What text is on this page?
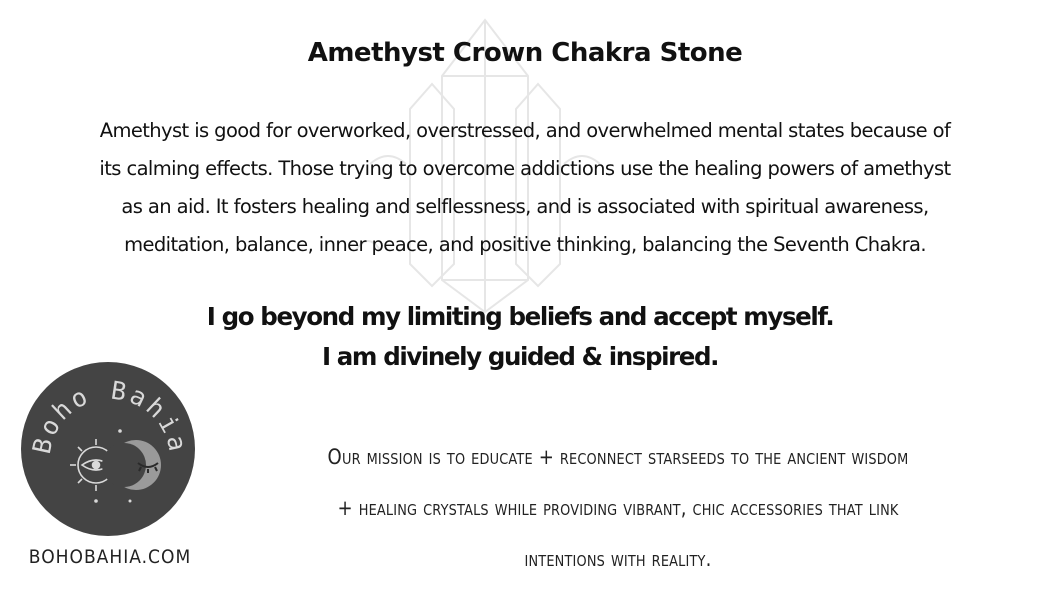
Amethyst Crown Chakra Stone
Amethyst is good for overworked, overstressed, and overwhelmed mental states because of
its calming effects. Those trying to overcome addictions use the healing powers of amethyst
as an aid. It fosters healing and selflessness, and is associated with spiritual awareness,
meditation, balance, inner peace, and positive thinking, balancing the Seventh Chakra.
I go beyond my limiting beliefs and accept myself.
I am divinely guided & inspired.
Boho Bahia
BOHOBAHIA.COM
Our mission is to educate + reconnect starseeds to the ancient wisdom
+ healing crystals while providing vibrant, chic accessories that link
intentions with reality.
